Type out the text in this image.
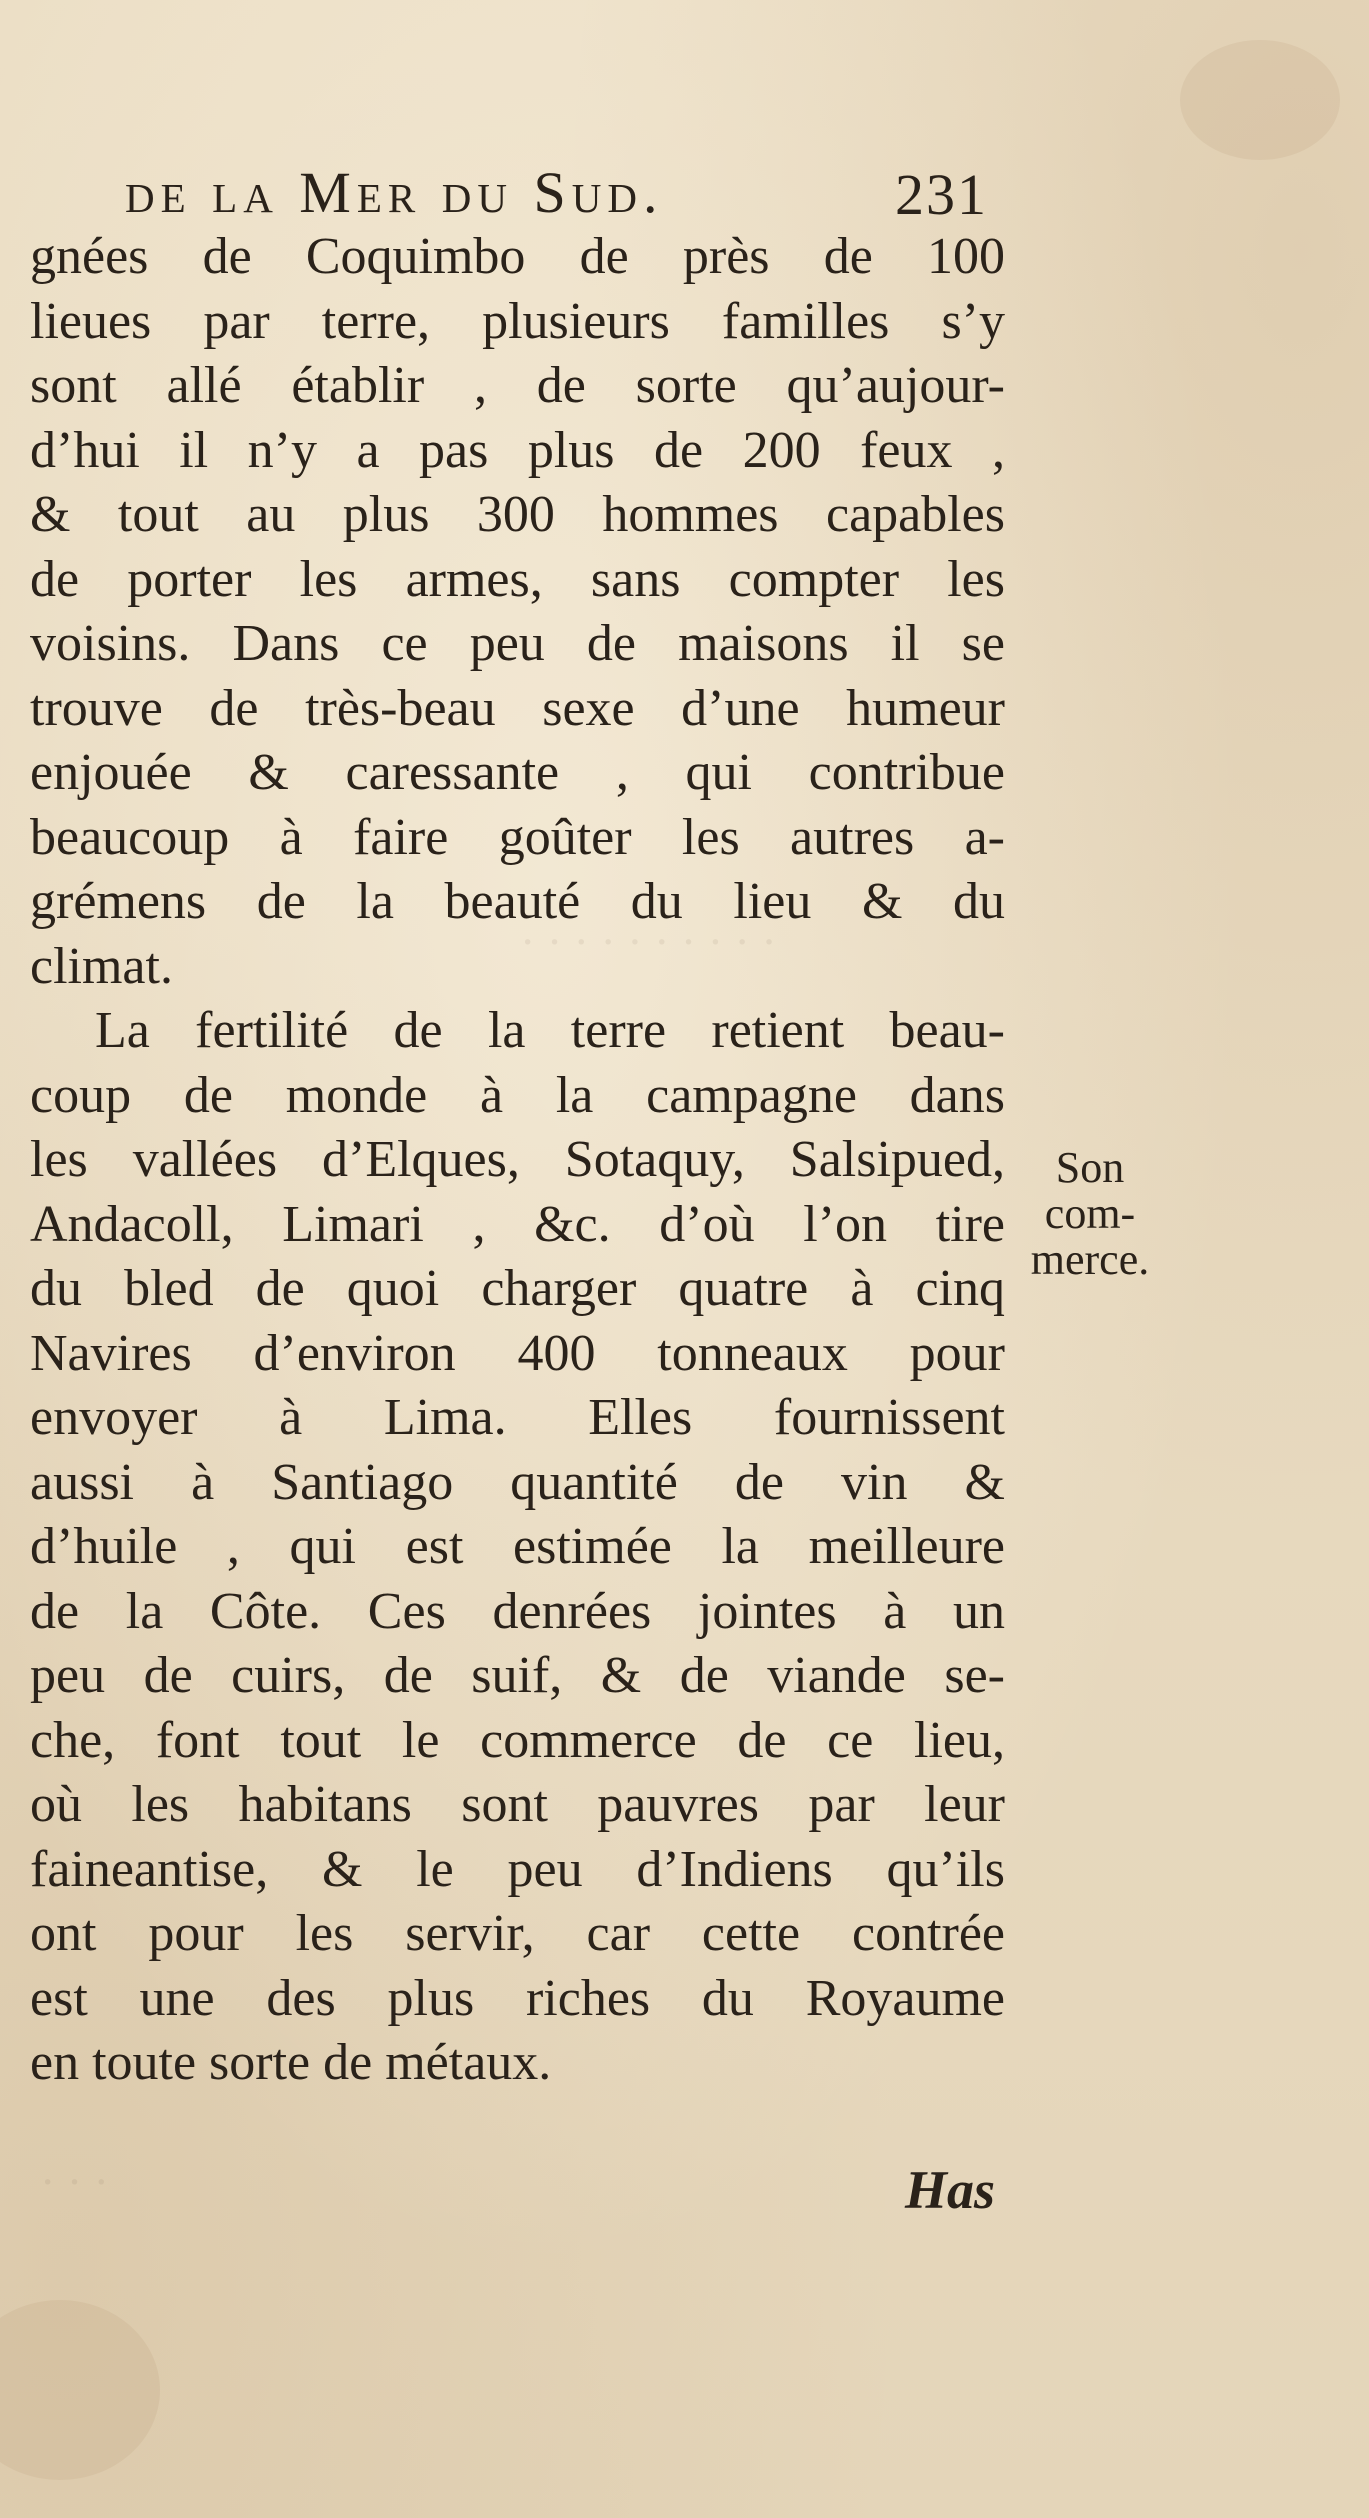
· · · · · · · · · ·
· · ·
de la Mer du Sud.	231
gnées de Coquimbo de près de 100
lieues par terre, plusieurs familles s’y
sont allé établir , de sorte qu’aujour-
d’hui il n’y a pas plus de 200 feux ,
& tout au plus 300 hommes capables
de porter les armes, sans compter les
voisins. Dans ce peu de maisons il se
trouve de très-beau sexe d’une humeur
enjouée & caressante , qui contribue
beaucoup à faire goûter les autres a-
grémens de la beauté du lieu & du
climat.
La fertilité de la terre retient beau-
coup de monde à la campagne dans
les vallées d’Elques, Sotaquy, Salsipued,
Andacoll, Limari , &c. d’où l’on tire
du bled de quoi charger quatre à cinq
Navires d’environ 400 tonneaux pour
envoyer à Lima. Elles fournissent
aussi à Santiago quantité de vin &
d’huile , qui est estimée la meilleure
de la Côte. Ces denrées jointes à un
peu de cuirs, de suif, & de viande se-
che, font tout le commerce de ce lieu,
où les habitans sont pauvres par leur
faineantise, & le peu d’Indiens qu’ils
ont pour les servir, car cette contrée
est une des plus riches du Royaume
en toute sorte de métaux.
Son
com-
merce.
Has
